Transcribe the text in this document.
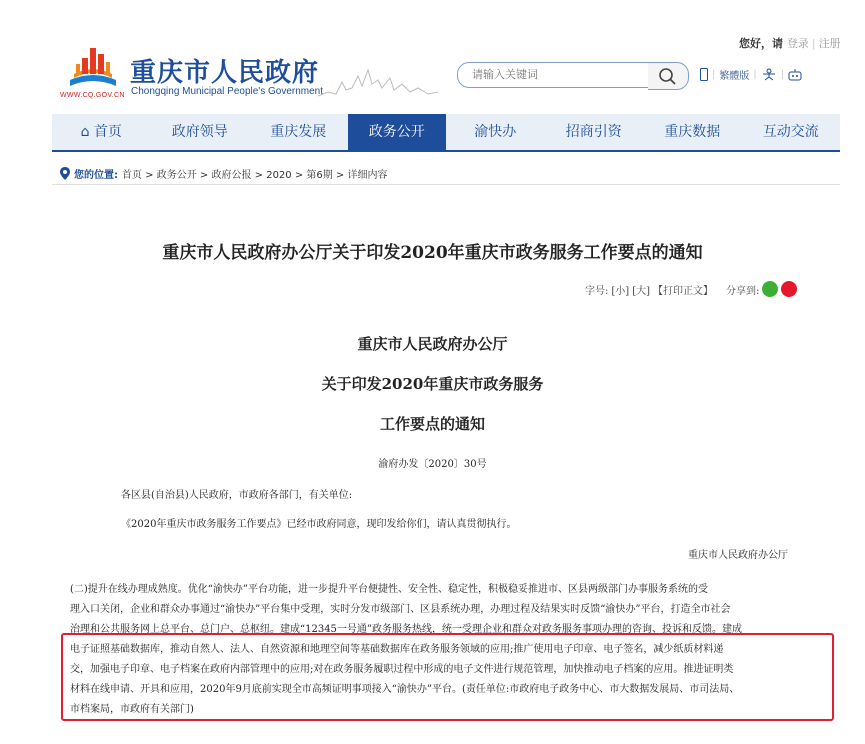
WWW.CQ.GOV.CN
重庆市人民政府
Chongqing Municipal People's Government
您好，请 登录 | 注册
请输入关键词
| 繁體版 | |
⌂ 首页	政府领导	重庆发展	政务公开	渝快办	招商引资	重庆数据	互动交流
您的位置: 首页 > 政务公开 > 政府公报 > 2020 > 第6期 > 详细内容
重庆市人民政府办公厅关于印发2020年重庆市政务服务工作要点的通知
字号: [小] [大] 【打印正文】 分享到:
重庆市人民政府办公厅
关于印发2020年重庆市政务服务
工作要点的通知
渝府办发〔2020〕30号
各区县(自治县)人民政府，市政府各部门，有关单位:
《2020年重庆市政务服务工作要点》已经市政府同意，现印发给你们，请认真贯彻执行。
重庆市人民政府办公厅

(二)提升在线办理成熟度。优化“渝快办”平台功能，进一步提升平台便捷性、安全性、稳定性，积极稳妥推进市、区县两级部门办事服务系统的受

理入口关闭，企业和群众办事通过“渝快办”平台集中受理，实时分发市级部门、区县系统办理，办理过程及结果实时反馈“渝快办”平台，打造全市社会

治理和公共服务网上总平台、总门户、总枢纽。建成“12345一号通”政务服务热线，统一受理企业和群众对政务服务事项办理的咨询、投诉和反馈。建成

电子证照基础数据库，推动自然人、法人、自然资源和地理空间等基础数据库在政务服务领域的应用;推广使用电子印章、电子签名，减少纸质材料递

交，加强电子印章、电子档案在政府内部管理中的应用;对在政务服务履职过程中形成的电子文件进行规范管理，加快推动电子档案的应用。推进证明类

材料在线申请、开具和应用，2020年9月底前实现全市高频证明事项接入“渝快办”平台。(责任单位:市政府电子政务中心、市大数据发展局、市司法局、

市档案局，市政府有关部门)
